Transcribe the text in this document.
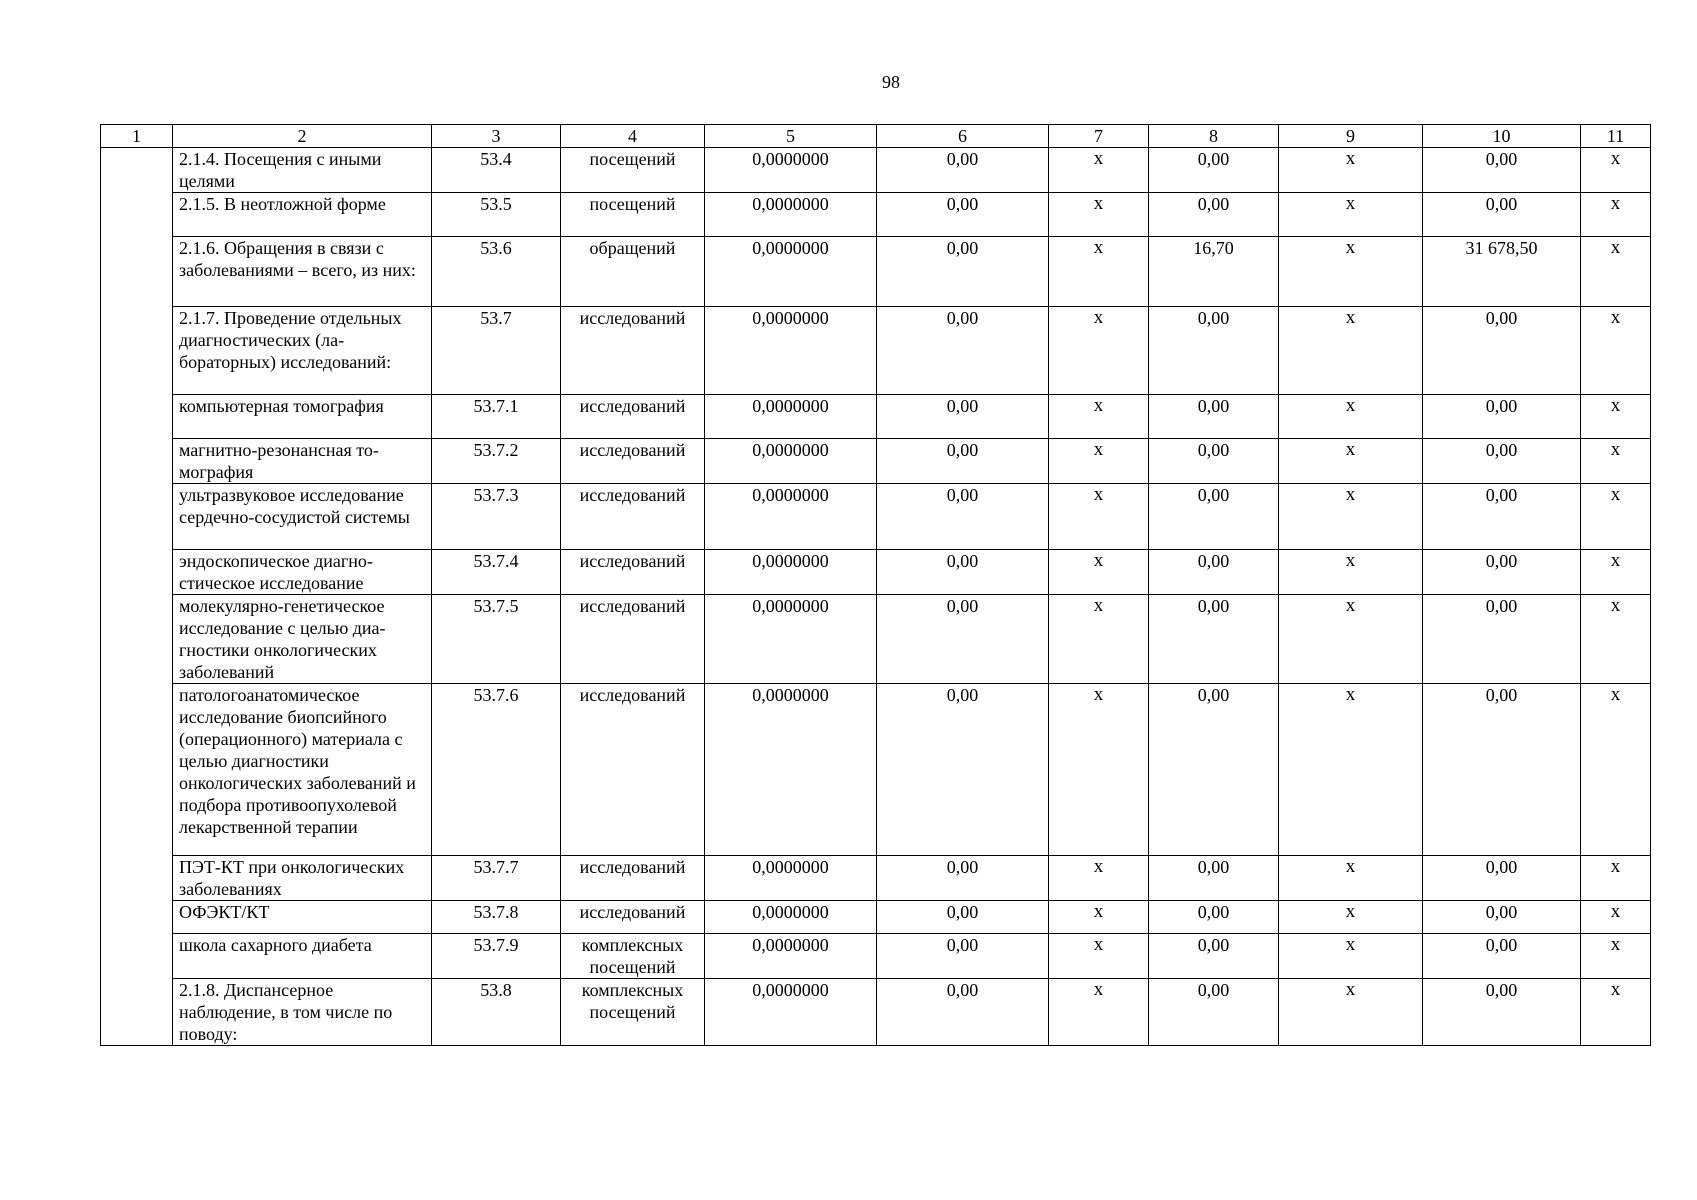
98
1	2	3	4	5	6	7	8	9	10	11
	2.1.4. Посещения с иными целями	53.4	посещений	0,0000000	0,00	х	0,00	х	0,00	х
	2.1.5. В неотложной форме	53.5	посещений	0,0000000	0,00	х	0,00	х	0,00	х
	2.1.6. Обращения в связи с заболеваниями – всего, из них:	53.6	обращений	0,0000000	0,00	х	16,70	х	31 678,50	х
	2.1.7. Проведение отдельных диагностических (лабораторных) исследований:	53.7	исследований	0,0000000	0,00	х	0,00	х	0,00	х
	компьютерная томография	53.7.1	исследований	0,0000000	0,00	х	0,00	х	0,00	х
	магнитно-резонансная томография	53.7.2	исследований	0,0000000	0,00	х	0,00	х	0,00	х
	ультразвуковое исследование сердечно-сосудистой системы	53.7.3	исследований	0,0000000	0,00	х	0,00	х	0,00	х
	эндоскопическое диагностическое исследование	53.7.4	исследований	0,0000000	0,00	х	0,00	х	0,00	х
	молекулярно-генетическое исследование с целью диагностики онкологических заболеваний	53.7.5	исследований	0,0000000	0,00	х	0,00	х	0,00	х
	патологоанатомическое исследование биопсийного (операционного) материала с целью диагностики онкологических заболеваний и подбора противоопухолевой лекарственной терапии	53.7.6	исследований	0,0000000	0,00	х	0,00	х	0,00	х
	ПЭТ-КТ при онкологических заболеваниях	53.7.7	исследований	0,0000000	0,00	х	0,00	х	0,00	х
	ОФЭКТ/КТ	53.7.8	исследований	0,0000000	0,00	х	0,00	х	0,00	х
	школа сахарного диабета	53.7.9	комплексных посещений	0,0000000	0,00	х	0,00	х	0,00	х
	2.1.8. Диспансерное наблюдение, в том числе по поводу:	53.8	комплексных посещений	0,0000000	0,00	х	0,00	х	0,00	х
